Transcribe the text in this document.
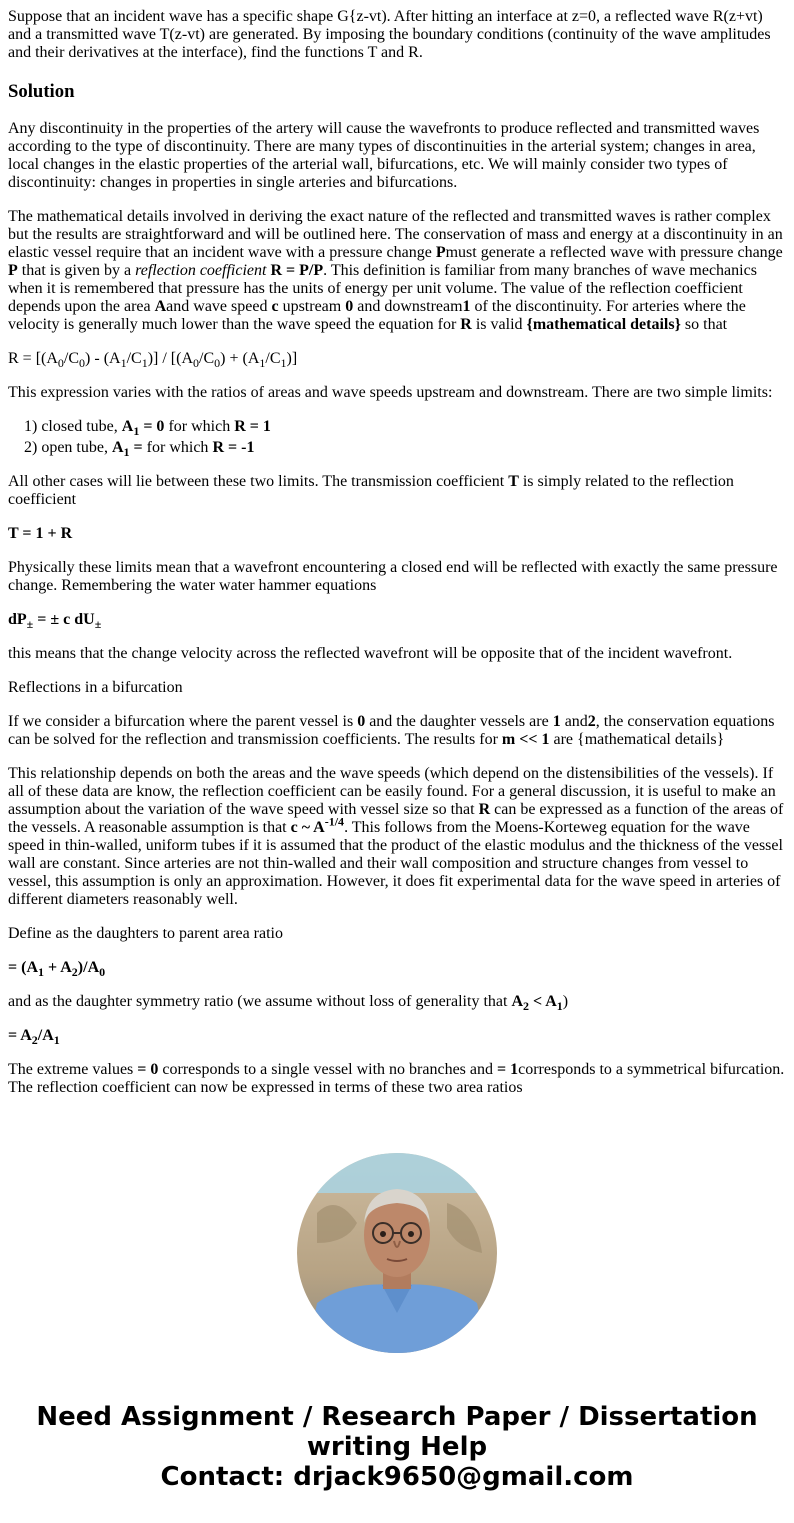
Suppose that an incident wave has a specific shape G{z-vt). After hitting an interface at z=0, a reflected wave R(z+vt) and a transmitted wave T(z-vt) are generated. By imposing the boundary conditions (continuity of the wave amplitudes and their derivatives at the interface), find the functions T and R.

Solution

Any discontinuity in the properties of the artery will cause the wavefronts to produce reflected and transmitted waves according to the type of discontinuity. There are many types of discontinuities in the arterial system; changes in area, local changes in the elastic properties of the arterial wall, bifurcations, etc. We will mainly consider two types of discontinuity: changes in properties in single arteries and bifurcations.

The mathematical details involved in deriving the exact nature of the reflected and transmitted waves is rather complex but the results are straightforward and will be outlined here. The conservation of mass and energy at a discontinuity in an elastic vessel require that an incident wave with a pressure change Pmust generate a reflected wave with pressure change P that is given by a reflection coefficient R = P/P. This definition is familiar from many branches of wave mechanics when it is remembered that pressure has the units of energy per unit volume. The value of the reflection coefficient depends upon the area Aand wave speed c upstream 0 and downstream1 of the discontinuity. For arteries where the velocity is generally much lower than the wave speed the equation for R is valid {mathematical details} so that

$R = [(A_0/C_0) - (A_1/C_1)] / [(A_0/C_0) + (A_1/C_1)]$

This expression varies with the ratios of areas and wave speeds upstream and downstream. There are two simple limits:

1) closed tube, $A_1 = 0$ for which R = 1
2) open tube, $A_1$ = for which R = -1

All other cases will lie between these two limits. The transmission coefficient T is simply related to the reflection coefficient

T = 1 + R

Physically these limits mean that a wavefront encountering a closed end will be reflected with exactly the same pressure change. Remembering the water water hammer equations

$dP_\pm$ = ± c $dU_\pm$

this means that the change velocity across the reflected wavefront will be opposite that of the incident wavefront.

Reflections in a bifurcation

If we consider a bifurcation where the parent vessel is 0 and the daughter vessels are 1 and2, the conservation equations can be solved for the reflection and transmission coefficients. The results for m << 1 are {mathematical details}

This relationship depends on both the areas and the wave speeds (which depend on the distensibilities of the vessels). If all of these data are know, the reflection coefficient can be easily found. For a general discussion, it is useful to make an assumption about the variation of the wave speed with vessel size so that R can be expressed as a function of the areas of the vessels. A reasonable assumption is that c ~ $A^{-1/4}$. This follows from the Moens-Korteweg equation for the wave speed in thin-walled, uniform tubes if it is assumed that the product of the elastic modulus and the thickness of the vessel wall are constant. Since arteries are not thin-walled and their wall composition and structure changes from vessel to vessel, this assumption is only an approximation. However, it does fit experimental data for the wave speed in arteries of different diameters reasonably well.

Define as the daughters to parent area ratio

= $(A_1 + A_2)/A_0$

and as the daughter symmetry ratio (we assume without loss of generality that $A_2 < A_1$)

= $A_2/A_1$

The extreme values = 0 corresponds to a single vessel with no branches and = 1corresponds to a symmetrical bifurcation. The reflection coefficient can now be expressed in terms of these two area ratios

Need Assignment / Research Paper / Dissertation
writing Help
Contact: drjack9650@gmail.com
